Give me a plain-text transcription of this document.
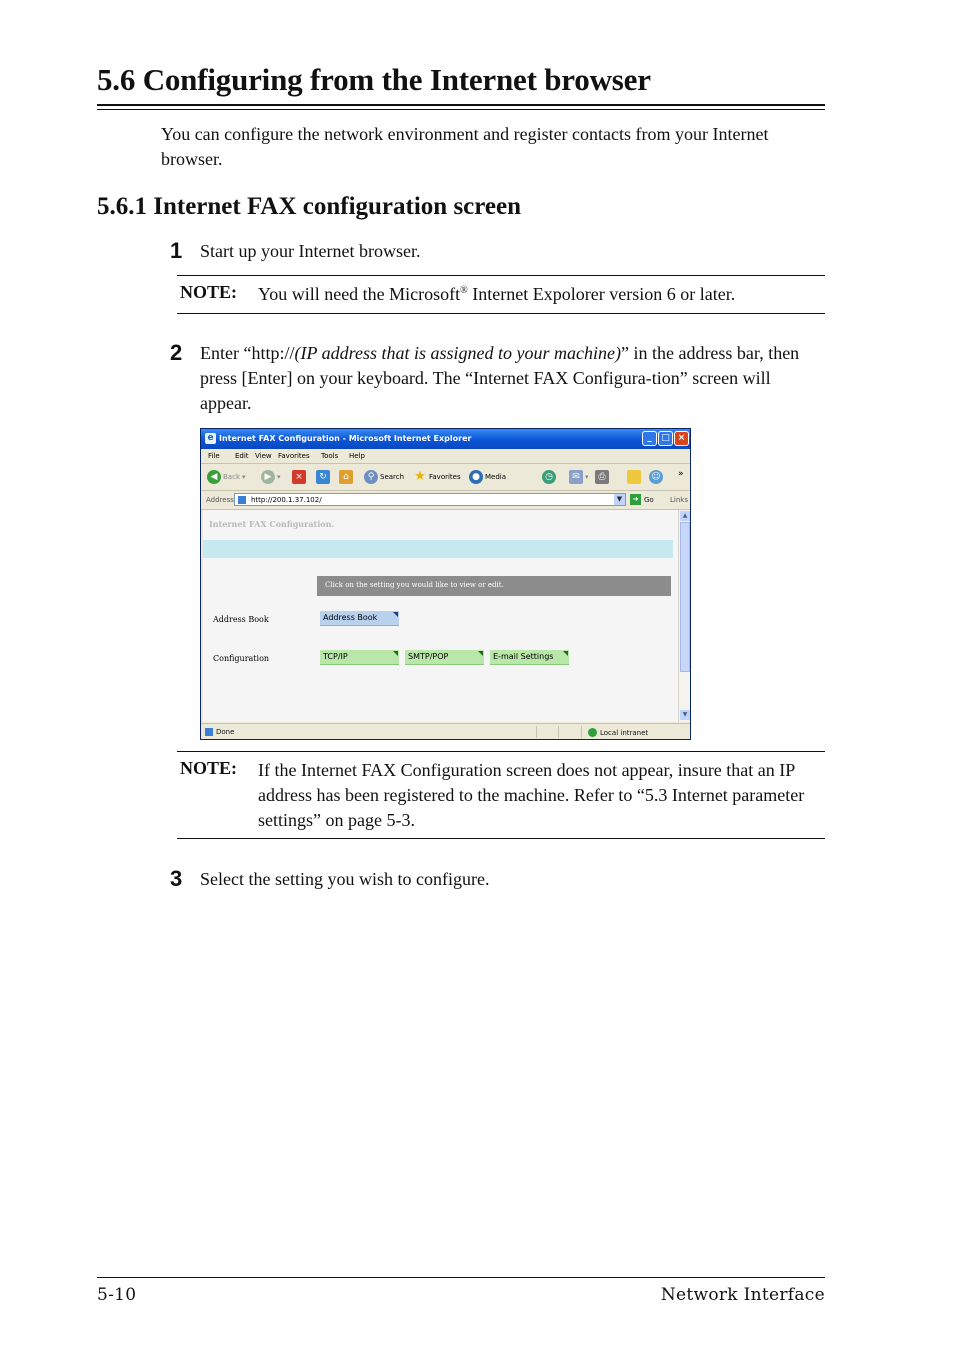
5.6 Configuring from the Internet browser
You can configure the network environment and register contacts from your Internet browser.
5.6.1 Internet FAX configuration screen
1 Start up your Internet browser.
NOTE: You will need the Microsoft® Internet Expolorer version 6 or later.
2 Enter “http://(IP address that is assigned to your machine)” in the address bar, then press [Enter] on your keyboard. The “Internet FAX Configura-tion” screen will appear.
e Internet FAX Configuration - Microsoft Internet Explorer	_	□ ×
File Edit View Favorites Tools Help
◀ Back ▾	▶ ▾	×	↻	⌂	⚲ Search ★ Favorites	● Media	◷	✉ ▾	⎙	☺ »
Address http://200.1.37.102/	▼	➜ Go Links
Internet FAX Configuration.
Click on the setting you would like to view or edit.
Address Book	Address Book
Configuration	TCP/IP	SMTP/POP	E-mail Settings
▲
▼
Done	Local intranet
NOTE: If the Internet FAX Configuration screen does not appear, insure that an IP address has been registered to the machine. Refer to “5.3 Internet parameter settings” on page 5-3.
3 Select the setting you wish to configure.
5-10	Network Interface
